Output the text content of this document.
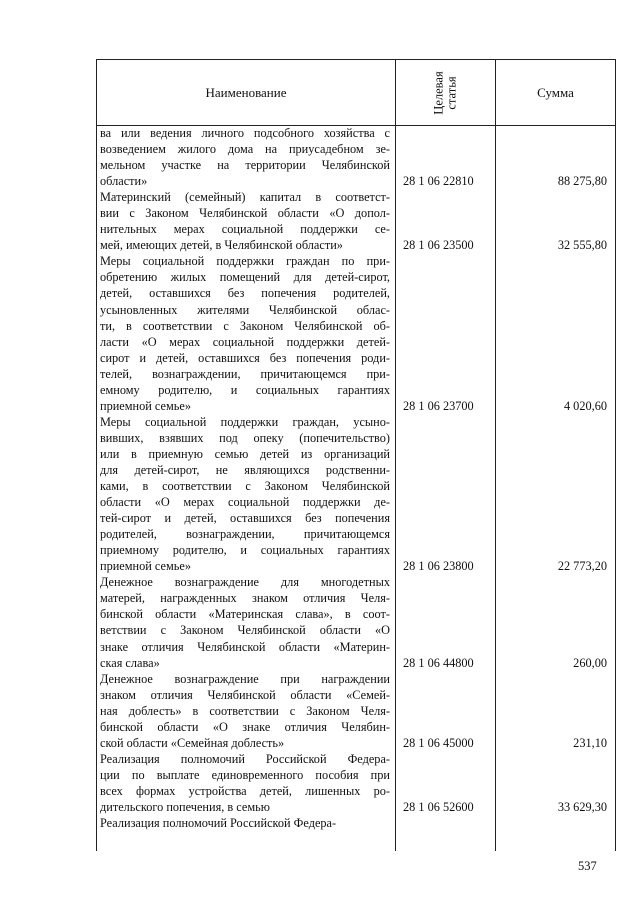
Наименование	Целевая статья	Сумма
ва или ведения личного подсобного хозяйства с
возведением жилого дома на приусадебном зе-
мельном участке на территории Челябинской
области»	28 1 06 22810	88 275,80
Материнский (семейный) капитал в соответст-
вии с Законом Челябинской области «О допол-
нительных мерах социальной поддержки се-
мей, имеющих детей, в Челябинской области»	28 1 06 23500	32 555,80
Меры социальной поддержки граждан по при-
обретению жилых помещений для детей-сирот,
детей, оставшихся без попечения родителей,
усыновленных жителями Челябинской облас-
ти, в соответствии с Законом Челябинской об-
ласти «О мерах социальной поддержки детей-
сирот и детей, оставшихся без попечения роди-
телей, вознаграждении, причитающемся при-
емному родителю, и социальных гарантиях
приемной семье»	28 1 06 23700	4 020,60
Меры социальной поддержки граждан, усыно-
вивших, взявших под опеку (попечительство)
или в приемную семью детей из организаций
для детей-сирот, не являющихся родственни-
ками, в соответствии с Законом Челябинской
области «О мерах социальной поддержки де-
тей-сирот и детей, оставшихся без попечения
родителей, вознаграждении, причитающемся
приемному родителю, и социальных гарантиях
приемной семье»	28 1 06 23800	22 773,20
Денежное вознаграждение для многодетных
матерей, награжденных знаком отличия Челя-
бинской области «Материнская слава», в соот-
ветствии с Законом Челябинской области «О
знаке отличия Челябинской области «Материн-
ская слава»	28 1 06 44800	260,00
Денежное вознаграждение при награждении
знаком отличия Челябинской области «Семей-
ная доблесть» в соответствии с Законом Челя-
бинской области «О знаке отличия Челябин-
ской области «Семейная доблесть»	28 1 06 45000	231,10
Реализация полномочий Российской Федера-
ции по выплате единовременного пособия при
всех формах устройства детей, лишенных ро-
дительского попечения, в семью	28 1 06 52600	33 629,30
Реализация полномочий Российской Федера-
537
